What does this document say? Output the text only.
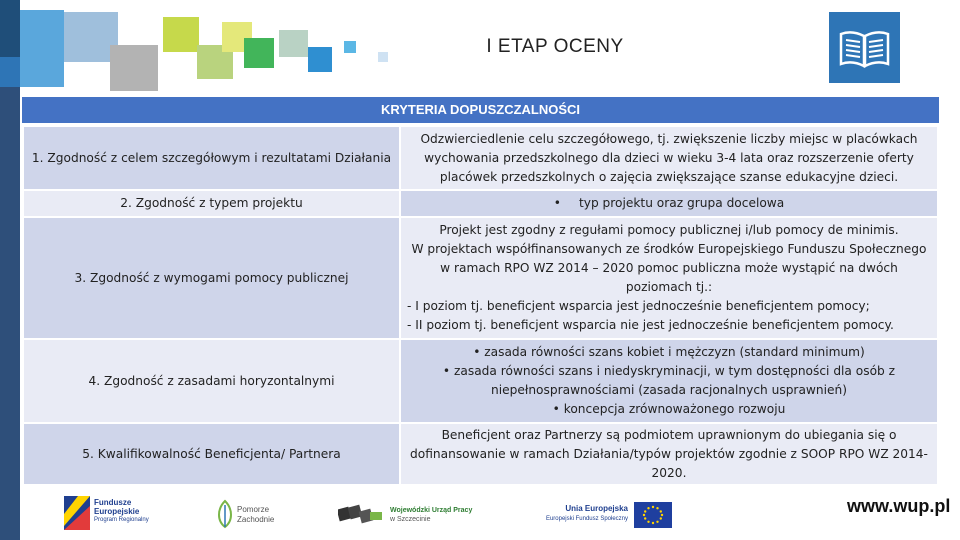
I ETAP OCENY
KRYTERIA DOPUSZCZALNOŚCI
1. Zgodność z celem szczegółowym i rezultatami Działania	Odzwierciedlenie celu szczegółowego, tj. zwiększenie liczby miejsc w placówkach wychowania przedszkolnego dla dzieci w wieku 3-4 lata oraz rozszerzenie oferty placówek przedszkolnych o zajęcia zwiększające szanse edukacyjne dzieci.
2. Zgodność z typem projektu	• typ projektu oraz grupa docelowa
3. Zgodność z wymogami pomocy publicznej	Projekt jest zgodny z regułami pomocy publicznej i/lub pomocy de minimis.
W projektach współfinansowanych ze środków Europejskiego Funduszu Społecznego w ramach RPO WZ 2014 – 2020 pomoc publiczna może wystąpić na dwóch poziomach tj.:
- I poziom tj. beneficjent wsparcia jest jednocześnie beneficjentem pomocy;
- II poziom tj. beneficjent wsparcia nie jest jednocześnie beneficjentem pomocy.

4. Zgodność z zasadami horyzontalnymi	• zasada równości szans kobiet i mężczyzn (standard minimum)
• zasada równości szans i niedyskryminacji, w tym dostępności dla osób z niepełnosprawnościami (zasada racjonalnych usprawnień)
• koncepcja zrównoważonego rozwoju

5. Kwalifikowalność Beneficjenta/ Partnera	Beneficjent oraz Partnerzy są podmiotem uprawnionym do ubiegania się o dofinansowanie w ramach Działania/typów projektów zgodnie z SOOP RPO WZ 2014-2020.
Fundusze
Europejskie
Program Regionalny
Pomorze
Zachodnie
Wojewódzki Urząd Pracy
w Szczecinie
Unia Europejska
Europejski Fundusz Społeczny
www.wup.pl
